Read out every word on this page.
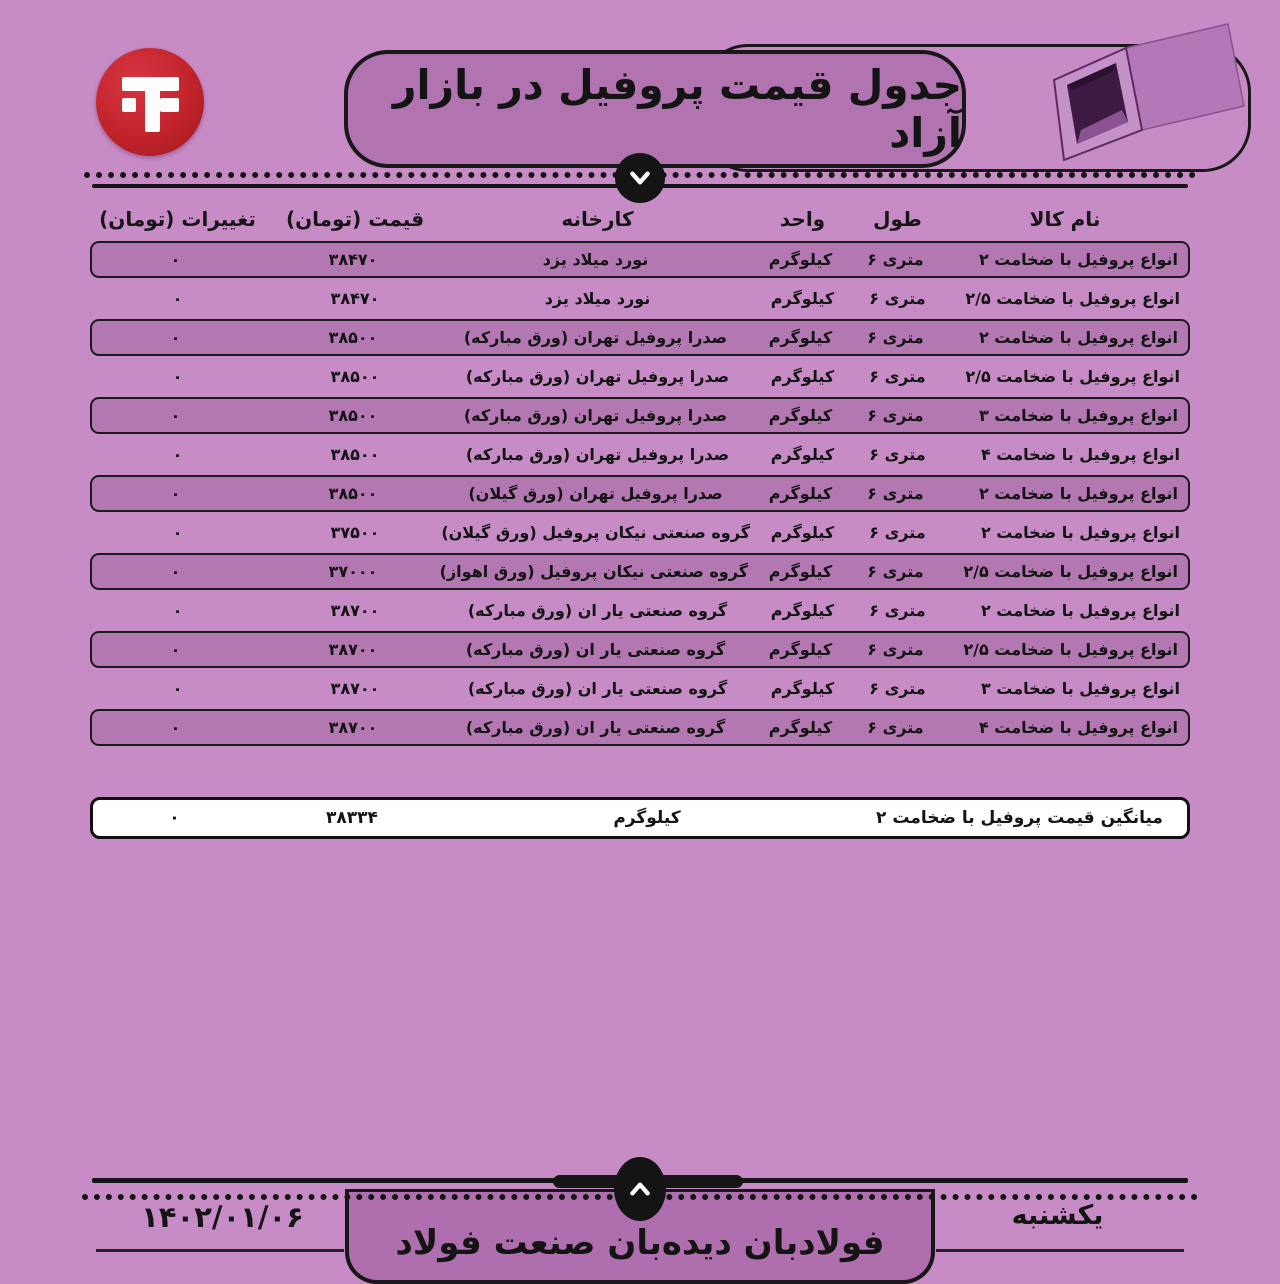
جدول قیمت پروفیل در بازار آزاد
نام کالا
طول
واحد
کارخانه
قیمت (تومان)
تغییرات (تومان)
انواع پروفیل با ضخامت ۲
متری ۶
کیلوگرم
نورد میلاد یزد
۳۸۴۷۰
۰
انواع پروفیل با ضخامت ۲/۵
متری ۶
کیلوگرم
نورد میلاد یزد
۳۸۴۷۰
۰
انواع پروفیل با ضخامت ۲
متری ۶
کیلوگرم
صدرا پروفیل تهران (ورق مبارکه)
۳۸۵۰۰
۰
انواع پروفیل با ضخامت ۲/۵
متری ۶
کیلوگرم
صدرا پروفیل تهران (ورق مبارکه)
۳۸۵۰۰
۰
انواع پروفیل با ضخامت ۳
متری ۶
کیلوگرم
صدرا پروفیل تهران (ورق مبارکه)
۳۸۵۰۰
۰
انواع پروفیل با ضخامت ۴
متری ۶
کیلوگرم
صدرا پروفیل تهران (ورق مبارکه)
۳۸۵۰۰
۰
انواع پروفیل با ضخامت ۲
متری ۶
کیلوگرم
صدرا پروفیل تهران (ورق گیلان)
۳۸۵۰۰
۰
انواع پروفیل با ضخامت ۲
متری ۶
کیلوگرم
گروه صنعتی نیکان پروفیل (ورق گیلان)
۳۷۵۰۰
۰
انواع پروفیل با ضخامت ۲/۵
متری ۶
کیلوگرم
گروه صنعتی نیکان پروفیل (ورق اهواز)
۳۷۰۰۰
۰
انواع پروفیل با ضخامت ۲
متری ۶
کیلوگرم
گروه صنعتی یار ان (ورق مبارکه)
۳۸۷۰۰
۰
انواع پروفیل با ضخامت ۲/۵
متری ۶
کیلوگرم
گروه صنعتی یار ان (ورق مبارکه)
۳۸۷۰۰
۰
انواع پروفیل با ضخامت ۳
متری ۶
کیلوگرم
گروه صنعتی یار ان (ورق مبارکه)
۳۸۷۰۰
۰
انواع پروفیل با ضخامت ۴
متری ۶
کیلوگرم
گروه صنعتی یار ان (ورق مبارکه)
۳۸۷۰۰
۰
میانگین قیمت پروفیل با ضخامت ۲
کیلوگرم
۳۸۳۳۴
۰
فولادبان دیده‌بان صنعت فولاد
۱۴۰۲/۰۱/۰۶	یکشنبه
